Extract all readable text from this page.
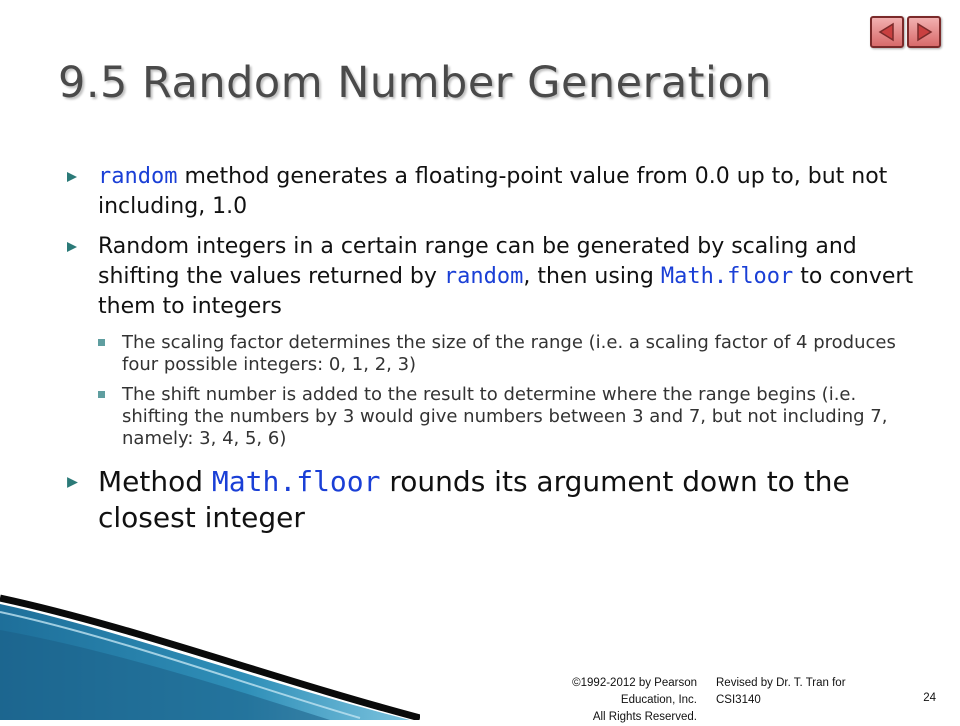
9.5 Random Number Generation
random method generates a floating-point value from 0.0 up to, but not including, 1.0
Random integers in a certain range can be generated by scaling and shifting the values returned by random, then using Math.floor to convert them to integers
The scaling factor determines the size of the range (i.e. a scaling factor of 4 produces four possible integers: 0, 1, 2, 3)
The shift number is added to the result to determine where the range begins (i.e. shifting the numbers by 3 would give numbers between 3 and 7, but not including 7, namely: 3, 4, 5, 6)
Method Math.floor rounds its argument down to the closest integer
©1992-2012 by Pearson Education, Inc.
All Rights Reserved.
Revised by Dr. T. Tran for
CSI3140	24
